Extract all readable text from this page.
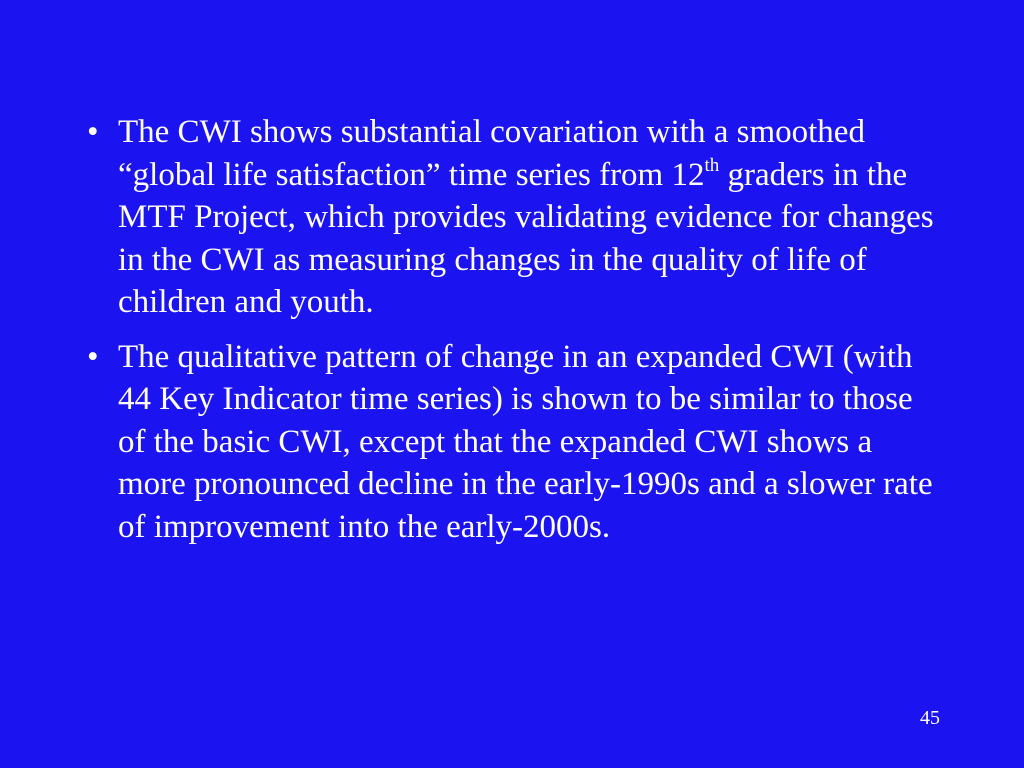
• The CWI shows substantial covariation with a smoothed “global life satisfaction” time series from 12th graders in the MTF Project, which provides validating evidence for changes in the CWI as measuring changes in the quality of life of children and youth.
• The qualitative pattern of change in an expanded CWI (with 44 Key Indicator time series) is shown to be similar to those of the basic CWI, except that the expanded CWI shows a more pronounced decline in the early-1990s and a slower rate of improvement into the early-2000s.
45
